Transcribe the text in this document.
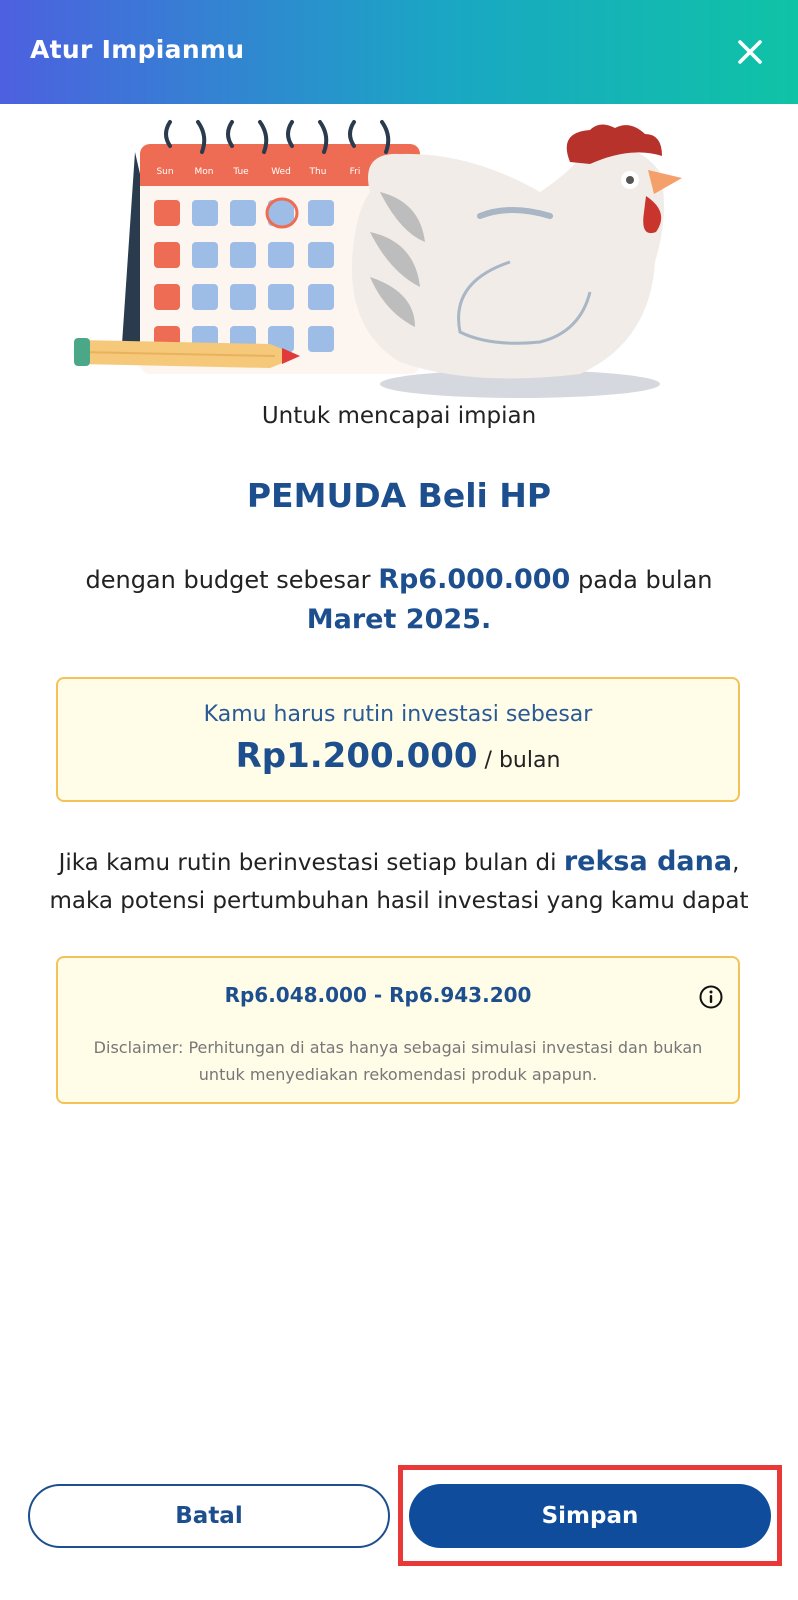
Atur Impianmu
Sun Mon Tue	Wed Thu	Fri
Untuk mencapai impian
PEMUDA Beli HP
dengan budget sebesar Rp6.000.000 pada bulan Maret 2025.
Kamu harus rutin investasi sebesar
Rp1.200.000 / bulan
Jika kamu rutin berinvestasi setiap bulan di reksa dana,
maka potensi pertumbuhan hasil investasi yang kamu dapat
Rp6.048.000 - Rp6.943.200
Disclaimer: Perhitungan di atas hanya sebagai simulasi investasi dan bukan untuk menyediakan rekomendasi produk apapun.
Batal	Simpan
